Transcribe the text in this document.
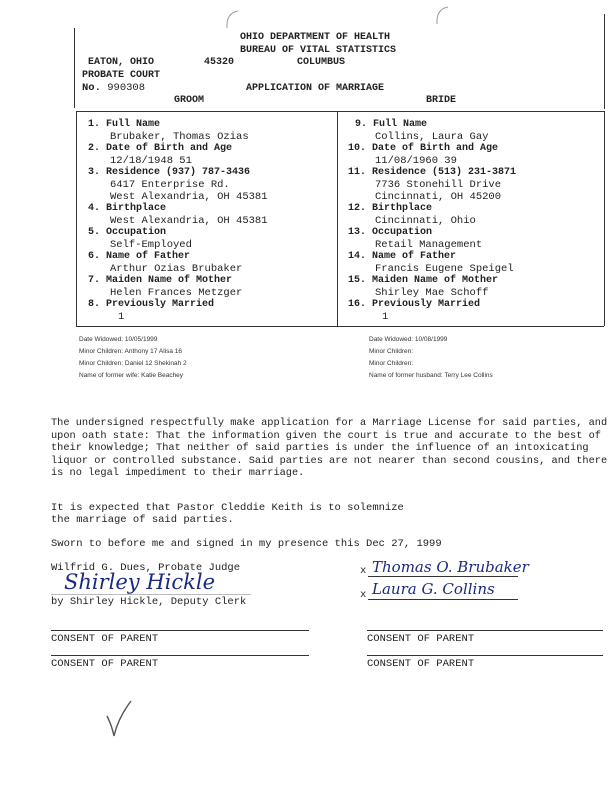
OHIO DEPARTMENT OF HEALTH
BUREAU OF VITAL STATISTICS
EATON, OHIO	45320	COLUMBUS
PROBATE COURT
No. 990308	APPLICATION OF MARRIAGE
GROOM	BRIDE
1. Full Name
Brubaker, Thomas Ozias
2. Date of Birth and Age
12/18/1948 51
3. Residence (937) 787-3436
6417 Enterprise Rd.
West Alexandria, OH 45381
4. Birthplace
West Alexandria, OH 45381
5. Occupation
Self-Employed
6. Name of Father
Arthur Ozias Brubaker
7. Maiden Name of Mother
Helen Frances Metzger
8. Previously Married
1
9. Full Name
Collins, Laura Gay
10. Date of Birth and Age
11/08/1960 39
11. Residence (513) 231-3871
7736 Stonehill Drive
Cincinnati, OH 45200
12. Birthplace
Cincinnati, Ohio
13. Occupation
Retail Management
14. Name of Father
Francis Eugene Speigel
15. Maiden Name of Mother
Shirley Mae Schoff
16. Previously Married
1
Date Widowed: 10/05/1999
Minor Children: Anthony 17 Alisa 16
Minor Children: Daniel 12 Shekinah 2
Name of former wife: Katie Beachey
Date Widowed: 10/08/1999
Minor Children:
Minor Children:
Name of former husband: Terry Lee Collins
The undersigned respectfully make application for a Marriage License for said parties, and upon oath state: That the information given the court is true and accurate to the best of their knowledge; That neither of said parties is under the influence of an intoxicating liquor or controlled substance. Said parties are not nearer than second cousins, and there is no legal impediment to their marriage.
It is expected that Pastor Cleddie Keith is to solemnize
the marriage of said parties.
Sworn to before me and signed in my presence this Dec 27, 1999
Wilfrid G. Dues, Probate Judge
Shirley Hickle
by Shirley Hickle, Deputy Clerk
x Thomas O. Brubaker
x Laura G. Collins
CONSENT OF PARENT
CONSENT OF PARENT
CONSENT OF PARENT
CONSENT OF PARENT
